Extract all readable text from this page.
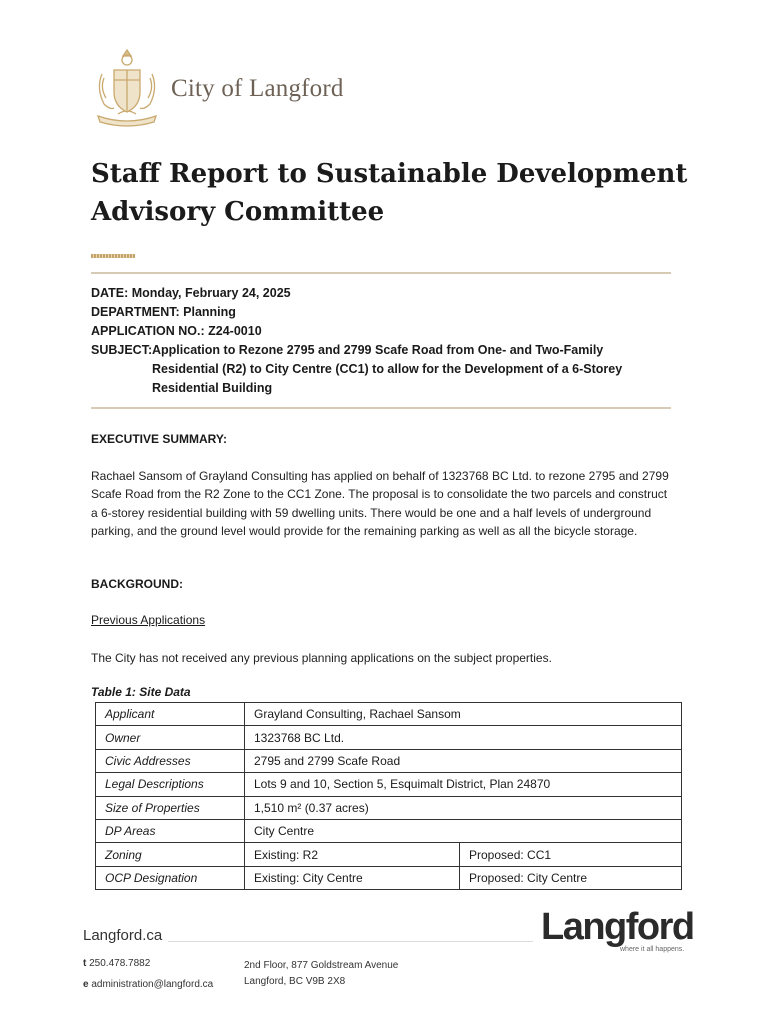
City of Langford
Staff Report to Sustainable Development
Advisory Committee
DATE: Monday, February 24, 2025
DEPARTMENT: Planning
APPLICATION NO.: Z24-0010
SUBJECT: Application to Rezone 2795 and 2799 Scafe Road from One- and Two-Family Residential (R2) to City Centre (CC1) to allow for the Development of a 6-Storey Residential Building
EXECUTIVE SUMMARY:
Rachael Sansom of Grayland Consulting has applied on behalf of 1323768 BC Ltd. to rezone 2795 and 2799 Scafe Road from the R2 Zone to the CC1 Zone. The proposal is to consolidate the two parcels and construct a 6-storey residential building with 59 dwelling units. There would be one and a half levels of underground parking, and the ground level would provide for the remaining parking as well as all the bicycle storage.
BACKGROUND:
Previous Applications
The City has not received any previous planning applications on the subject properties.
Table 1: Site Data
Applicant	Grayland Consulting, Rachael Sansom	
Owner	1323768 BC Ltd.	
Civic Addresses	2795 and 2799 Scafe Road	
Legal Descriptions	Lots 9 and 10, Section 5, Esquimalt District, Plan 24870	
Size of Properties	1,510 m² (0.37 acres)	
DP Areas	City Centre	
Zoning	Existing: R2	Proposed: CC1
OCP Designation	Existing: City Centre	Proposed: City Centre
Langford.ca	Langford
where it all happens.
t 250.478.7882
e administration@langford.ca
2nd Floor, 877 Goldstream Avenue
Langford, BC V9B 2X8
